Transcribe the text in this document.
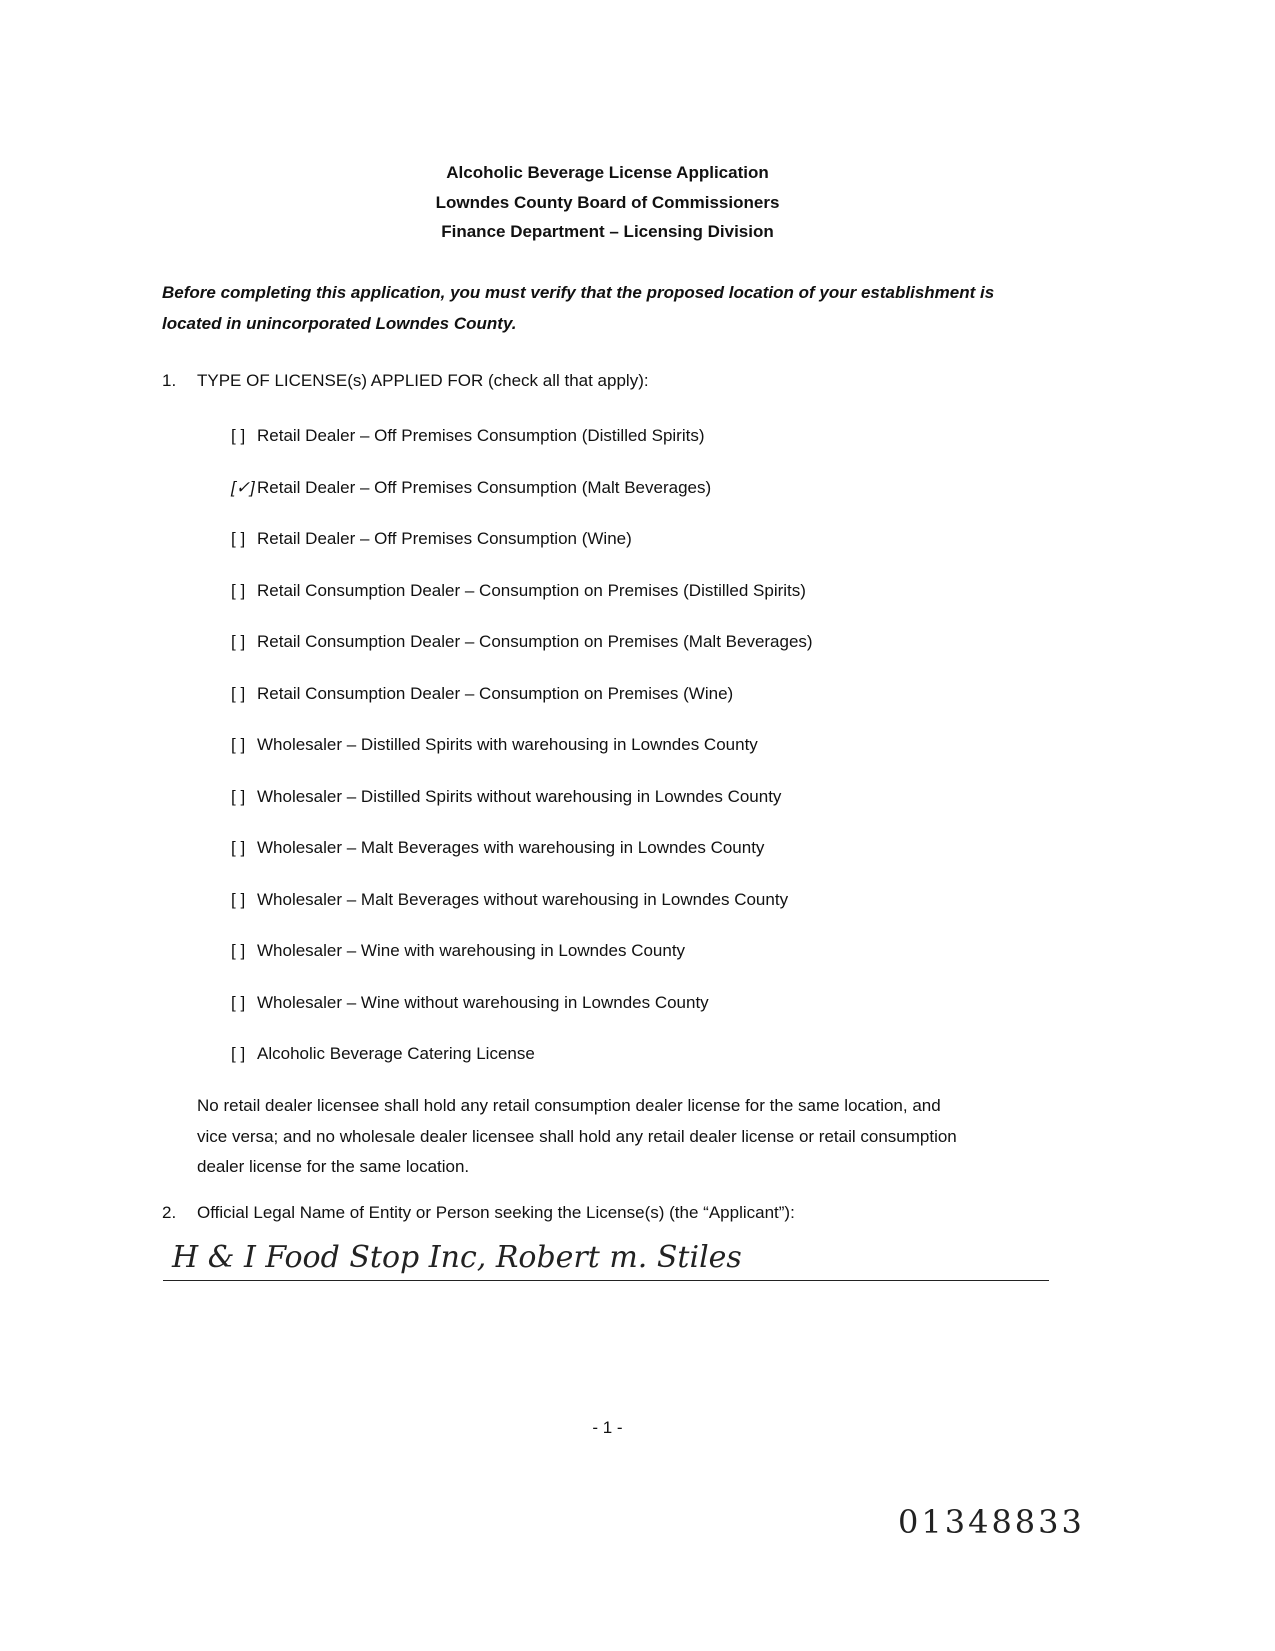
Alcoholic Beverage License Application
Lowndes County Board of Commissioners
Finance Department – Licensing Division
Before completing this application, you must verify that the proposed location of your establishment is
located in unincorporated Lowndes County.
1. TYPE OF LICENSE(s) APPLIED FOR (check all that apply):
[ ] Retail Dealer – Off Premises Consumption (Distilled Spirits)
[✓] Retail Dealer – Off Premises Consumption (Malt Beverages)
[ ] Retail Dealer – Off Premises Consumption (Wine)
[ ] Retail Consumption Dealer – Consumption on Premises (Distilled Spirits)
[ ] Retail Consumption Dealer – Consumption on Premises (Malt Beverages)
[ ] Retail Consumption Dealer – Consumption on Premises (Wine)
[ ] Wholesaler – Distilled Spirits with warehousing in Lowndes County
[ ] Wholesaler – Distilled Spirits without warehousing in Lowndes County
[ ] Wholesaler – Malt Beverages with warehousing in Lowndes County
[ ] Wholesaler – Malt Beverages without warehousing in Lowndes County
[ ] Wholesaler – Wine with warehousing in Lowndes County
[ ] Wholesaler – Wine without warehousing in Lowndes County
[ ] Alcoholic Beverage Catering License
No retail dealer licensee shall hold any retail consumption dealer license for the same location, and
vice versa; and no wholesale dealer licensee shall hold any retail dealer license or retail consumption
dealer license for the same location.
2. Official Legal Name of Entity or Person seeking the License(s) (the “Applicant”):
H & I Food Stop Inc, Robert m. Stiles
- 1 -
01348833
